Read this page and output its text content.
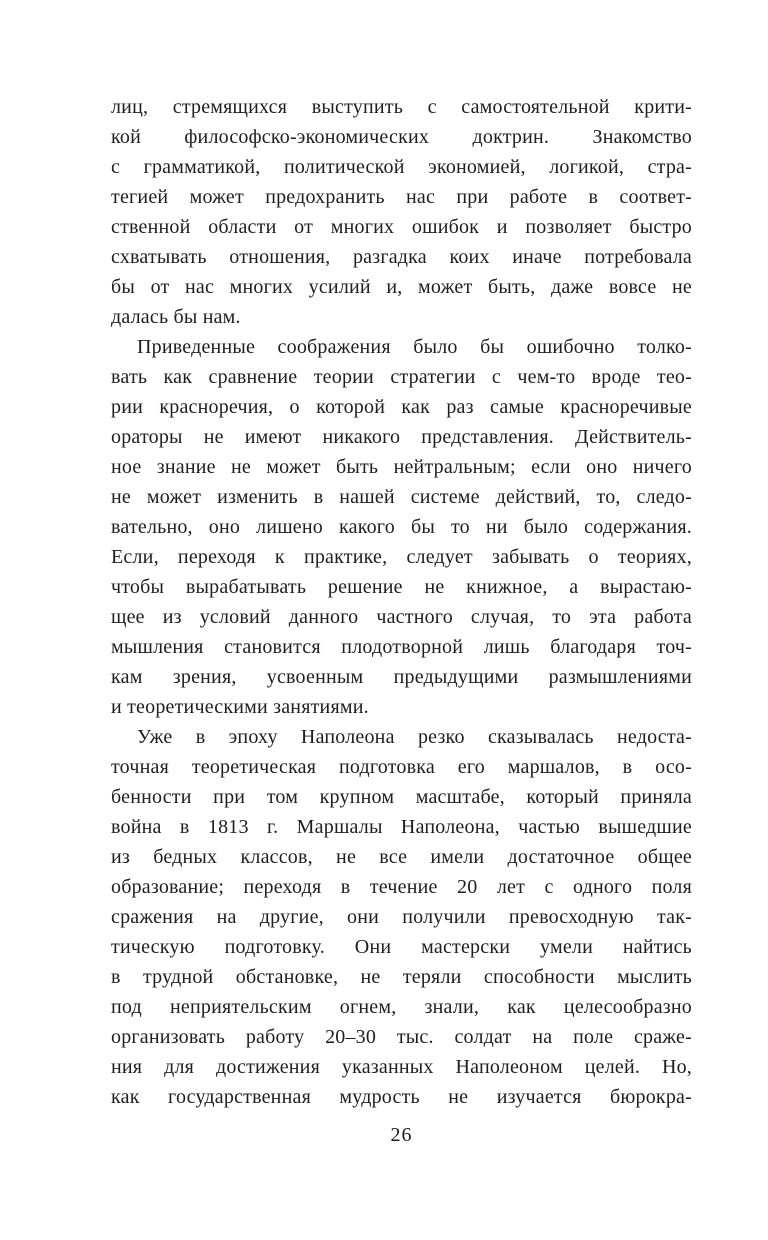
лиц, стремящихся выступить с самостоятельной крити-
кой философско-экономических доктрин. Знакомство
с грамматикой, политической экономией, логикой, стра-
тегией может предохранить нас при работе в соответ-
ственной области от многих ошибок и позволяет быстро
схватывать отношения, разгадка коих иначе потребовала
бы от нас многих усилий и, может быть, даже вовсе не
далась бы нам.
Приведенные соображения было бы ошибочно толко-
вать как сравнение теории стратегии с чем-то вроде тео-
рии красноречия, о которой как раз самые красноречивые
ораторы не имеют никакого представления. Действитель-
ное знание не может быть нейтральным; если оно ничего
не может изменить в нашей системе действий, то, следо-
вательно, оно лишено какого бы то ни было содержания.
Если, переходя к практике, следует забывать о теориях,
чтобы вырабатывать решение не книжное, а вырастаю-
щее из условий данного частного случая, то эта работа
мышления становится плодотворной лишь благодаря точ-
кам зрения, усвоенным предыдущими размышлениями
и теоретическими занятиями.
Уже в эпоху Наполеона резко сказывалась недоста-
точная теоретическая подготовка его маршалов, в осо-
бенности при том крупном масштабе, который приняла
война в 1813 г. Маршалы Наполеона, частью вышедшие
из бедных классов, не все имели достаточное общее
образование; переходя в течение 20 лет с одного поля
сражения на другие, они получили превосходную так-
тическую подготовку. Они мастерски умели найтись
в трудной обстановке, не теряли способности мыслить
под неприятельским огнем, знали, как целесообразно
организовать работу 20–30 тыс. солдат на поле сраже-
ния для достижения указанных Наполеоном целей. Но,
как государственная мудрость не изучается бюрокра-
26
